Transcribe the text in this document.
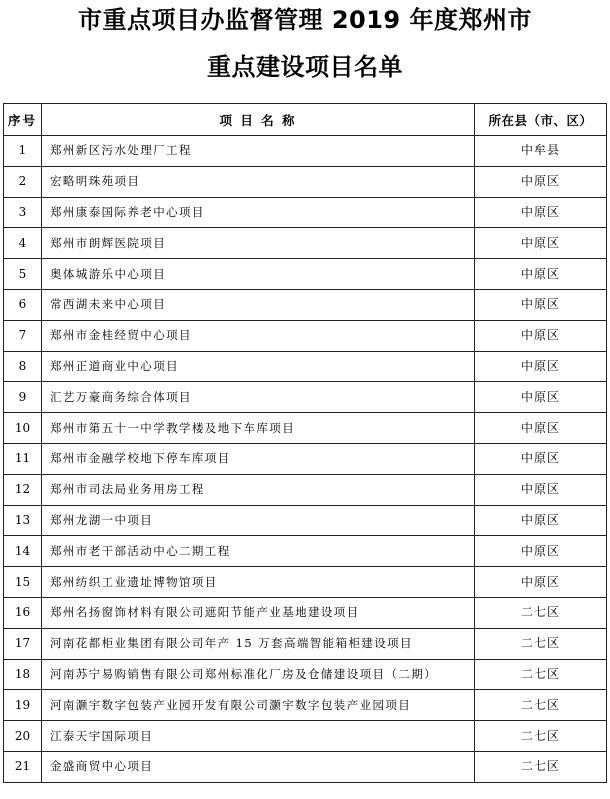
市重点项目办监督管理 2019 年度郑州市
重点建设项目名单
序号	项 目 名 称	所在县（市、区）
1	郑州新区污水处理厂工程	中牟县
2	宏略明珠苑项目	中原区
3	郑州康泰国际养老中心项目	中原区
4	郑州市朗辉医院项目	中原区
5	奥体城游乐中心项目	中原区
6	常西湖未来中心项目	中原区
7	郑州市金桂经贸中心项目	中原区
8	郑州正道商业中心项目	中原区
9	汇艺万豪商务综合体项目	中原区
10	郑州市第五十一中学教学楼及地下车库项目	中原区
11	郑州市金融学校地下停车库项目	中原区
12	郑州市司法局业务用房工程	中原区
13	郑州龙湖一中项目	中原区
14	郑州市老干部活动中心二期工程	中原区
15	郑州纺织工业遗址博物馆项目	中原区
16	郑州名扬窗饰材料有限公司遮阳节能产业基地建设项目	二七区
17	河南花都柜业集团有限公司年产 15 万套高端智能箱柜建设项目	二七区
18	河南苏宁易购销售有限公司郑州标准化厂房及仓储建设项目（二期）	二七区
19	河南灏宇数字包装产业园开发有限公司灏宇数字包装产业园项目	二七区
20	江泰天宇国际项目	二七区
21	金盛商贸中心项目	二七区
